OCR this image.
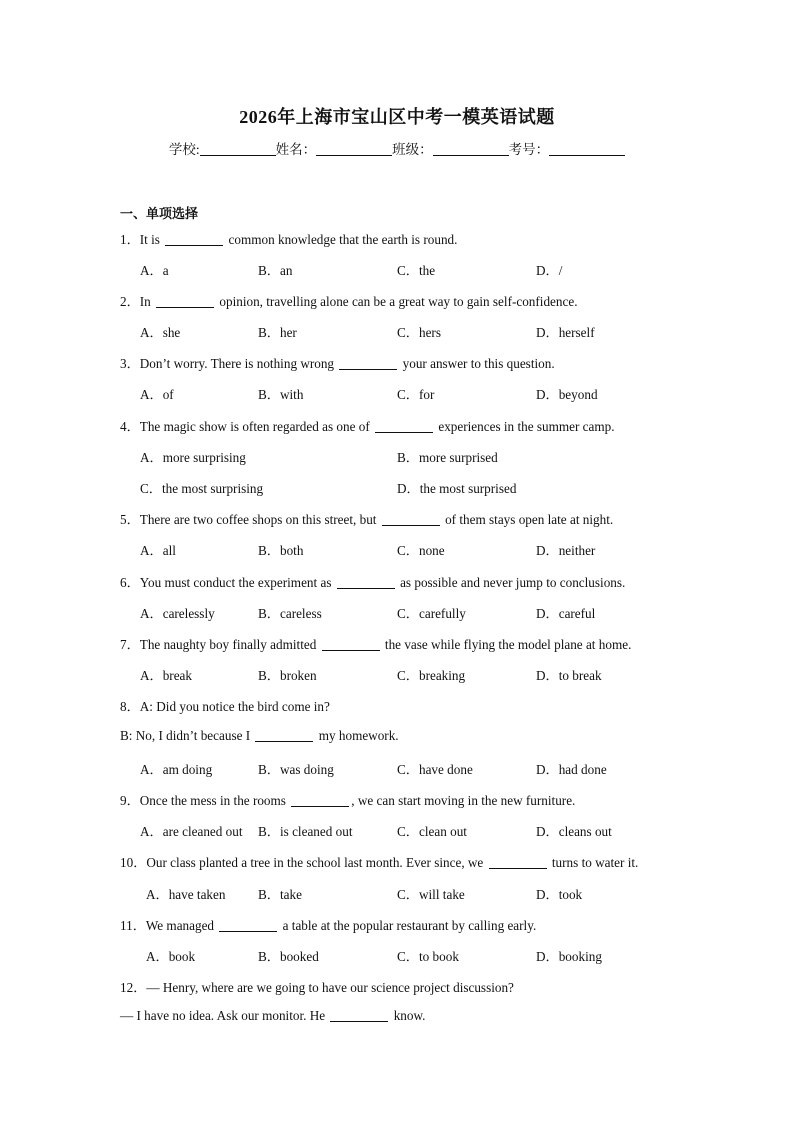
2026年上海市宝山区中考一模英语试题
学校:	姓名：	班级：	考号：
一、单项选择
1．It is	common knowledge that the earth is round.
A．a	B．an	C．the	D．/
2．In	opinion, travelling alone can be a great way to gain self-confidence.
A．she	B．her	C．hers	D．herself
3．Don’t worry. There is nothing wrong	your answer to this question.
A．of	B．with	C．for	D．beyond
4．The magic show is often regarded as one of	experiences in the summer camp.
A．more surprising	B．more surprised
C．the most surprising	D．the most surprised
5．There are two coffee shops on this street, but	of them stays open late at night.
A．all	B．both	C．none	D．neither
6．You must conduct the experiment as	as possible and never jump to conclusions.
A．carelessly	B．careless	C．carefully	D．careful
7．The naughty boy finally admitted	the vase while flying the model plane at home.
A．break	B．broken	C．breaking	D．to break
8．A: Did you notice the bird come in?
B: No, I didn’t because I	my homework.
A．am doing	B．was doing	C．have done	D．had done
9．Once the mess in the rooms	, we can start moving in the new furniture.
A．are cleaned out B．is cleaned out	C．clean out	D．cleans out
10．Our class planted a tree in the school last month. Ever since, we	turns to water it.
A．have taken B．take	C．will take	D．took
11．We managed	a table at the popular restaurant by calling early.
A．book	B．booked	C．to book	D．booking
12．— Henry, where are we going to have our science project discussion?
— I have no idea. Ask our monitor. He	know.
